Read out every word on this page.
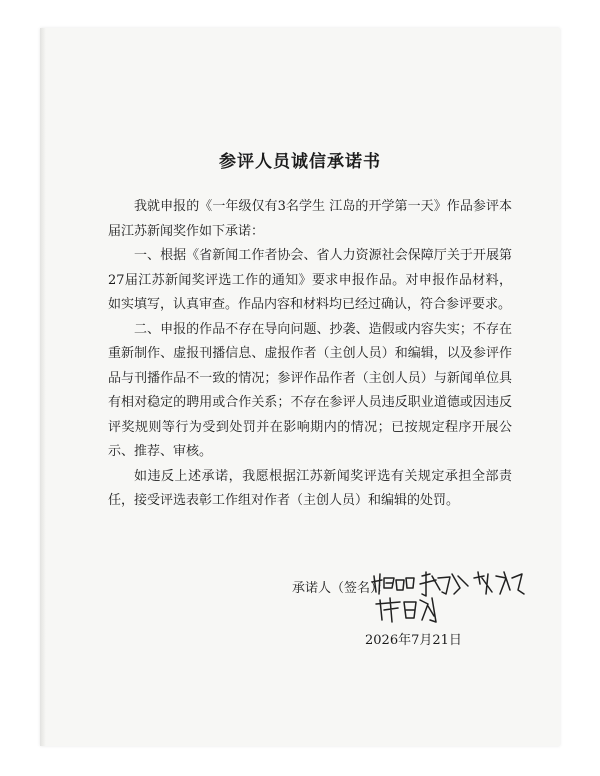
参评人员诚信承诺书

我就申报的《一年级仅有3名学生 江岛的开学第一天》作品参评本届江苏新闻奖作如下承诺：

一、根据《省新闻工作者协会、省人力资源社会保障厅关于开展第27届江苏新闻奖评选工作的通知》要求申报作品。对申报作品材料，如实填写，认真审查。作品内容和材料均已经过确认，符合参评要求。

二、申报的作品不存在导向问题、抄袭、造假或内容失实；不存在重新制作、虚报刊播信息、虚报作者（主创人员）和编辑，以及参评作品与刊播作品不一致的情况；参评作品作者（主创人员）与新闻单位具有相对稳定的聘用或合作关系；不存在参评人员违反职业道德或因违反评奖规则等行为受到处罚并在影响期内的情况；已按规定程序开展公示、推荐、审核。

如违反上述承诺，我愿根据江苏新闻奖评选有关规定承担全部责任，接受评选表彰工作组对作者（主创人员）和编辑的处罚。

承诺人（签名）：
2026年7月21日
